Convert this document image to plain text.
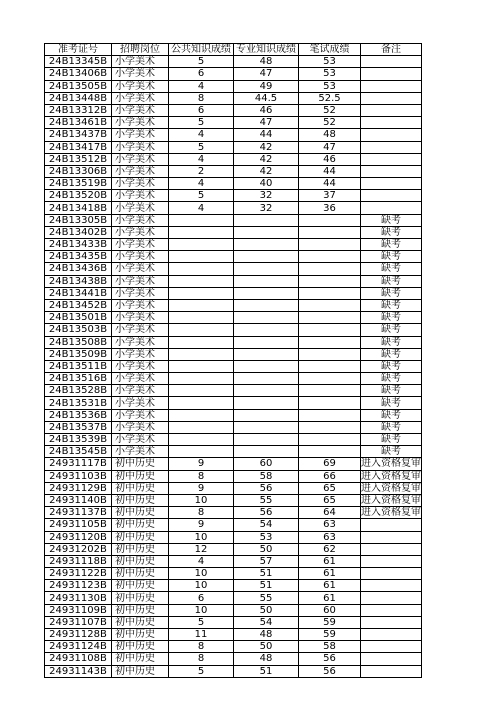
准考证号	招聘岗位	公共知识成绩	专业知识成绩	笔试成绩	备注
24B13345B	小学美术	5	48	53	
24B13406B	小学美术	6	47	53	
24B13505B	小学美术	4	49	53	
24B13448B	小学美术	8	44.5	52.5	
24B13312B	小学美术	6	46	52	
24B13461B	小学美术	5	47	52	
24B13437B	小学美术	4	44	48	
24B13417B	小学美术	5	42	47	
24B13512B	小学美术	4	42	46	
24B13306B	小学美术	2	42	44	
24B13519B	小学美术	4	40	44	
24B13520B	小学美术	5	32	37	
24B13418B	小学美术	4	32	36	
24B13305B	小学美术				缺考
24B13402B	小学美术				缺考
24B13433B	小学美术				缺考
24B13435B	小学美术				缺考
24B13436B	小学美术				缺考
24B13438B	小学美术				缺考
24B13441B	小学美术				缺考
24B13452B	小学美术				缺考
24B13501B	小学美术				缺考
24B13503B	小学美术				缺考
24B13508B	小学美术				缺考
24B13509B	小学美术				缺考
24B13511B	小学美术				缺考
24B13516B	小学美术				缺考
24B13528B	小学美术				缺考
24B13531B	小学美术				缺考
24B13536B	小学美术				缺考
24B13537B	小学美术				缺考
24B13539B	小学美术				缺考
24B13545B	小学美术				缺考
24931117B	初中历史	9	60	69	进入资格复审
24931103B	初中历史	8	58	66	进入资格复审
24931129B	初中历史	9	56	65	进入资格复审
24931140B	初中历史	10	55	65	进入资格复审
24931137B	初中历史	8	56	64	进入资格复审
24931105B	初中历史	9	54	63	
24931120B	初中历史	10	53	63	
24931202B	初中历史	12	50	62	
24931118B	初中历史	4	57	61	
24931122B	初中历史	10	51	61	
24931123B	初中历史	10	51	61	
24931130B	初中历史	6	55	61	
24931109B	初中历史	10	50	60	
24931107B	初中历史	5	54	59	
24931128B	初中历史	11	48	59	
24931124B	初中历史	8	50	58	
24931108B	初中历史	8	48	56	
24931143B	初中历史	5	51	56	
